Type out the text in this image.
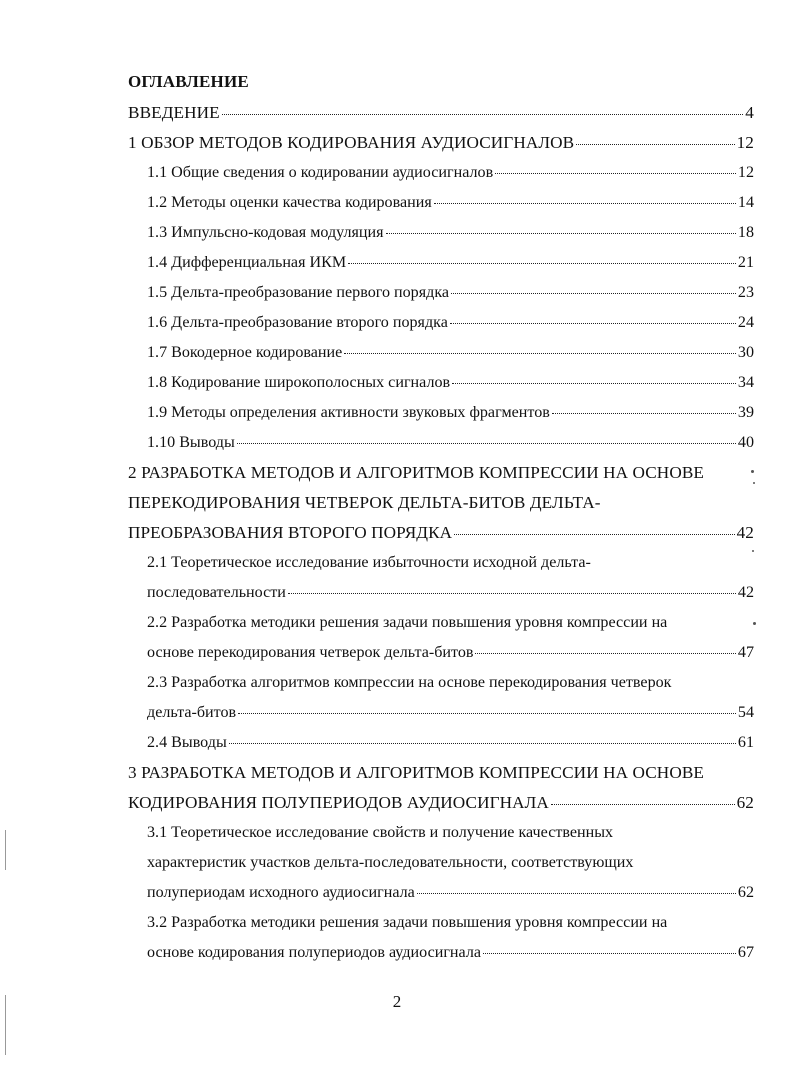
ОГЛАВЛЕНИЕ
ВВЕДЕНИЕ	4
1 ОБЗОР МЕТОДОВ КОДИРОВАНИЯ АУДИОСИГНАЛОВ	12
1.1 Общие сведения о кодировании аудиосигналов	12
1.2 Методы оценки качества кодирования	14
1.3 Импульсно-кодовая модуляция	18
1.4 Дифференциальная ИКМ	21
1.5 Дельта-преобразование первого порядка	23
1.6 Дельта-преобразование второго порядка	24
1.7 Вокодерное кодирование	30
1.8 Кодирование широкополосных сигналов	34
1.9 Методы определения активности звуковых фрагментов	39
1.10 Выводы	40
2 РАЗРАБОТКА МЕТОДОВ И АЛГОРИТМОВ КОМПРЕССИИ НА ОСНОВЕ
ПЕРЕКОДИРОВАНИЯ ЧЕТВЕРОК ДЕЛЬТА-БИТОВ ДЕЛЬТА-
ПРЕОБРАЗОВАНИЯ ВТОРОГО ПОРЯДКА	42
2.1 Теоретическое исследование избыточности исходной дельта-
последовательности	42
2.2 Разработка методики решения задачи повышения уровня компрессии на
основе перекодирования четверок дельта-битов	47
2.3 Разработка алгоритмов компрессии на основе перекодирования четверок
дельта-битов	54
2.4 Выводы	61
3 РАЗРАБОТКА МЕТОДОВ И АЛГОРИТМОВ КОМПРЕССИИ НА ОСНОВЕ
КОДИРОВАНИЯ ПОЛУПЕРИОДОВ АУДИОСИГНАЛА	62
3.1 Теоретическое исследование свойств и получение качественных
характеристик участков дельта-последовательности, соответствующих
полупериодам исходного аудиосигнала	62
3.2 Разработка методики решения задачи повышения уровня компрессии на
основе кодирования полупериодов аудиосигнала	67
2
